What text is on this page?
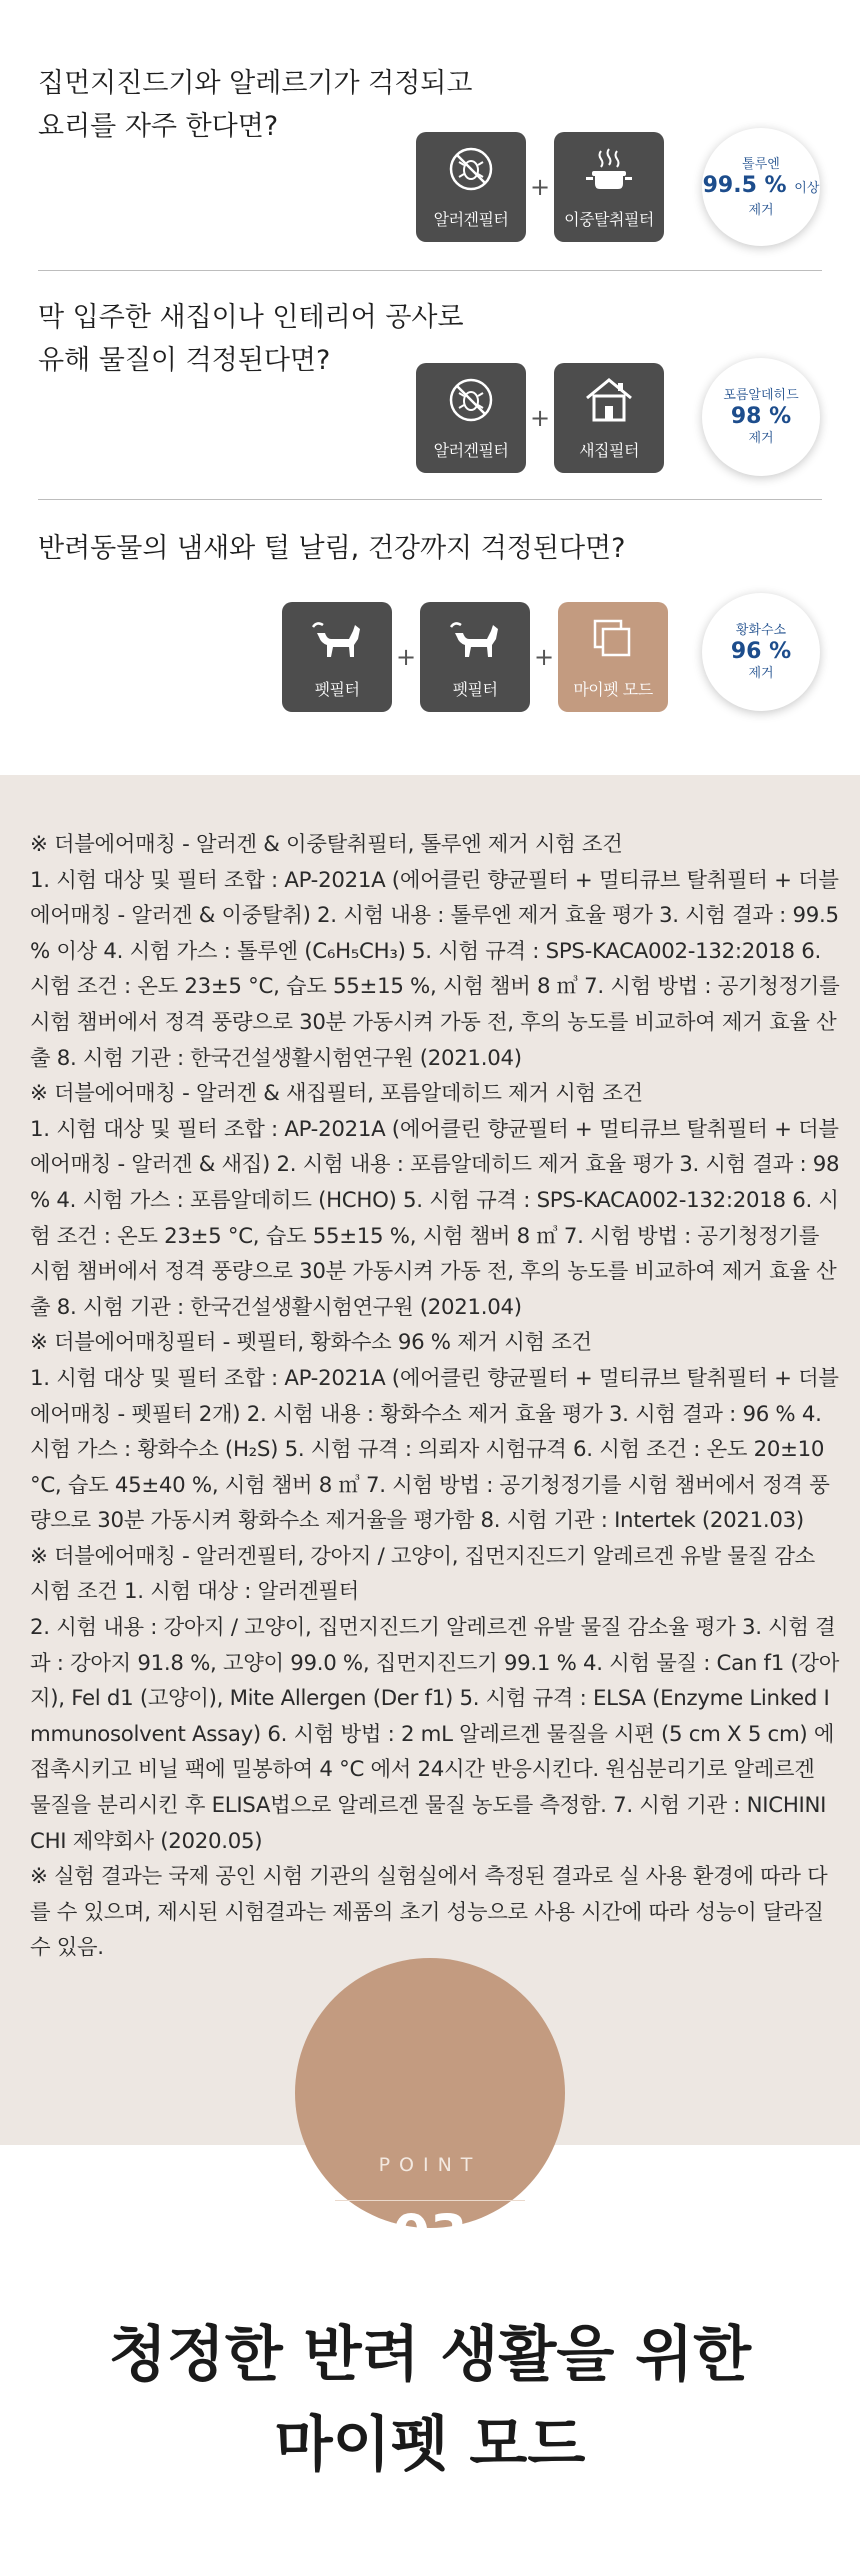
집먼지진드기와 알레르기가 걱정되고
요리를 자주 한다면?
알러겐필터
+
이중탈취필터
톨루엔
99.5 % 이상
제거
막 입주한 새집이나 인테리어 공사로
유해 물질이 걱정된다면?
알러겐필터
+
새집필터
포름알데히드
98 %
제거
반려동물의 냄새와 털 날림, 건강까지 걱정된다면?
펫필터
+
펫필터
+
마이펫 모드
황화수소
96 %
제거

※ 더블에어매칭 - 알러겐 & 이중탈취필터, 톨루엔 제거 시험 조건
1. 시험 대상 및 필터 조합 : AP-2021A (에어클린 향균필터 + 멀티큐브 탈취필터 + 더블에어매칭 - 알러겐 & 이중탈취) 2. 시험 내용 : 톨루엔 제거 효율 평가 3. 시험 결과 : 99.5 % 이상 4. 시험 가스 : 톨루엔 (C₆H₅CH₃) 5. 시험 규격 : SPS-KACA002-132:2018 6. 시험 조건 : 온도 23±5 °C, 습도 55±15 %, 시험 챔버 8 ㎥ 7. 시험 방법 : 공기청정기를 시험 챔버에서 정격 풍량으로 30분 가동시켜 가동 전, 후의 농도를 비교하여 제거 효율 산출 8. 시험 기관 : 한국건설생활시험연구원 (2021.04)
※ 더블에어매칭 - 알러겐 & 새집필터, 포름알데히드 제거 시험 조건
1. 시험 대상 및 필터 조합 : AP-2021A (에어클린 향균필터 + 멀티큐브 탈취필터 + 더블에어매칭 - 알러겐 & 새집) 2. 시험 내용 : 포름알데히드 제거 효율 평가 3. 시험 결과 : 98 % 4. 시험 가스 : 포름알데히드 (HCHO) 5. 시험 규격 : SPS-KACA002-132:2018 6. 시험 조건 : 온도 23±5 °C, 습도 55±15 %, 시험 챔버 8 ㎥ 7. 시험 방법 : 공기청정기를 시험 챔버에서 정격 풍량으로 30분 가동시켜 가동 전, 후의 농도를 비교하여 제거 효율 산출 8. 시험 기관 : 한국건설생활시험연구원 (2021.04)
※ 더블에어매칭필터 - 펫필터, 황화수소 96 % 제거 시험 조건
1. 시험 대상 및 필터 조합 : AP-2021A (에어클린 향균필터 + 멀티큐브 탈취필터 + 더블에어매칭 - 펫필터 2개) 2. 시험 내용 : 황화수소 제거 효율 평가 3. 시험 결과 : 96 % 4. 시험 가스 : 황화수소 (H₂S) 5. 시험 규격 : 의뢰자 시험규격 6. 시험 조건 : 온도 20±10 °C, 습도 45±40 %, 시험 챔버 8 ㎥ 7. 시험 방법 : 공기청정기를 시험 챔버에서 정격 풍량으로 30분 가동시켜 황화수소 제거율을 평가함 8. 시험 기관 : Intertek (2021.03)
※ 더블에어매칭 - 알러겐필터, 강아지 / 고양이, 집먼지진드기 알레르겐 유발 물질 감소 시험 조건 1. 시험 대상 : 알러겐필터
2. 시험 내용 : 강아지 / 고양이, 집먼지진드기 알레르겐 유발 물질 감소율 평가 3. 시험 결과 : 강아지 91.8 %, 고양이 99.0 %, 집먼지진드기 99.1 % 4. 시험 물질 : Can f1 (강아지), Fel d1 (고양이), Mite Allergen (Der f1) 5. 시험 규격 : ELSA (Enzyme Linked Immunosolvent Assay) 6. 시험 방법 : 2 mL 알레르겐 물질을 시편 (5 cm X 5 cm) 에 접촉시키고 비닐 팩에 밀봉하여 4 °C 에서 24시간 반응시킨다. 원심분리기로 알레르겐 물질을 분리시킨 후 ELISA법으로 알레르겐 물질 농도를 측정함. 7. 시험 기관 : NICHINICHI 제약회사 (2020.05)
※ 실험 결과는 국제 공인 시험 기관의 실험실에서 측정된 결과로 실 사용 환경에 따라 다를 수 있으며, 제시된 시험결과는 제품의 초기 성능으로 사용 시간에 따라 성능이 달라질 수 있음.

POINT
03
청정한 반려 생활을 위한
마이펫 모드
